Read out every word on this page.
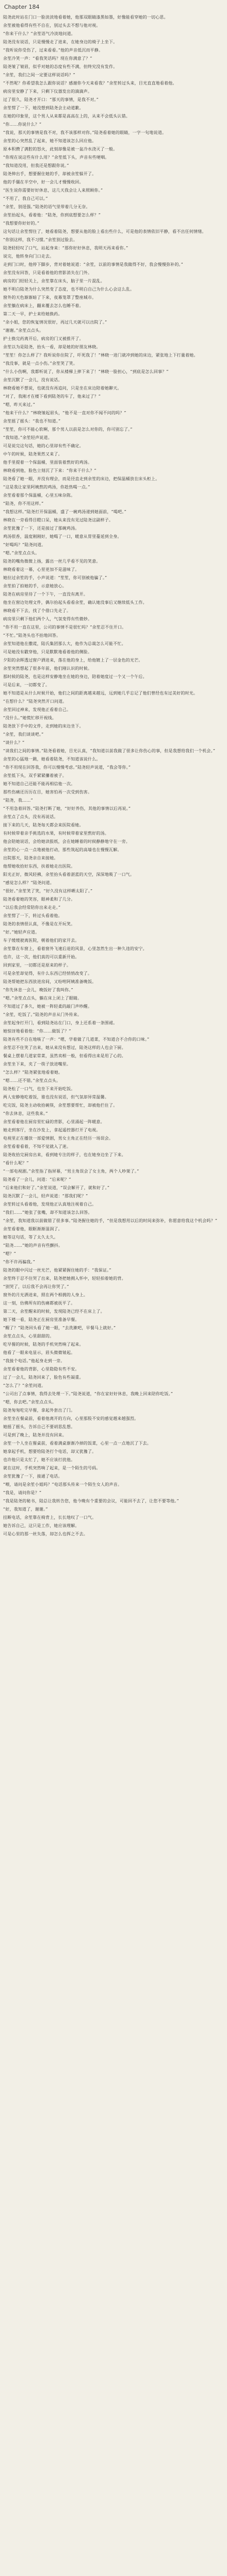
Chapter 184

陆尧此时站在门口一脸淡淡地看着她，他那双眼睛漆黑如墨，好像能看穿她的一切心思。

余笙被他看得有些不自在，别过头去不想与他对视。

“你来干什么？”余笙语气冷淡地问道。

陆尧没有说话，只是慢慢走了进来，在她身边的椅子上坐下。

“我听说你受伤了，过来看看。”他的声音低沉而平静。

余笙冷笑一声：“看我笑话吗？现在你满意了？”

陆尧皱了皱眉，似乎对她的态度有些不满，但终究没有发作。

“余笙，我们之间一定要这样说话吗？”

“不然呢？你希望我怎么跟你说话？感谢你今天来看我？”余笙转过头来，目光直直地看着他。

病房里安静了下来，只剩下仪器发出的滴滴声。

过了很久，陆尧才开口：“那天的事情，是我不对。”

余笙愣了一下，她没想到陆尧会主动道歉。

在她的印象里，这个男人从来都是高高在上的，从来不会低头认错。

“你……你说什么？”

“我说，那天的事情是我不对，我不该那样对你。”陆尧看着她的眼睛，一字一句地说道。

余笙的心突然乱了起来，她不知道该怎么回应他。

原本积攒了满腔的怒火，此刻却像是被一盆冷水浇灭了一般。

“你现在说这些有什么用？”余笙低下头，声音有些哽咽。

“我知道没用，但我还是想跟你说。”

陆尧伸出手，想要握住她的手，却被余笙躲开了。

他的手僵在半空中，好一会儿才慢慢收回。

“医生说你需要好好休息，这几天我会让人来照顾你。”

“不用了，我自己可以。”

“余笙，别逞强。”陆尧的语气里带着几分无奈。

余笙抬起头，看着他：“陆尧，你到底想要怎么样？”

“我想要你好好的。”

这句话让余笙愣住了，她看着陆尧，想要从他的脸上看出些什么，可是他的表情依旧平静，看不出任何情绪。

“你别这样，我不习惯。”余笙别过脸去。

陆尧轻轻叹了口气，站起身来：“那你好好休息，我明天再来看你。”

说完，他转身向门口走去。

走到门口时，他停下脚步，背对着她说道：“余笙，以前的事情是我做得不好，我会慢慢弥补的。”

余笙没有回答，只是看着他的背影消失在门外。

病房的门轻轻关上，余笙靠在床头，脑子里一片混乱。

她不明白陆尧为什么突然变了态度，也不明白自己为什么心会这么乱。

窗外的天色渐渐暗了下来，夜幕笼罩了整座城市。

余笙躺在病床上，翻来覆去怎么也睡不着。

第二天一早，护士来给她换药。

“余小姐，您的恢复情况很好，再过几天就可以出院了。”

“谢谢。”余笙点点头。

护士换完药离开后，病房的门又被推开了。

余笙以为是陆尧，抬头一看，却是她的好朋友林晓。

“笙笙！你怎么样了？我听说你住院了，吓死我了！”林晓一进门就冲到她的床边，紧张地上下打量着她。

“我没事，就是一点小伤。”余笙笑了笑。

“什么小伤啊，我都听说了，你从楼梯上摔下来了！”林晓一脸担心，“到底是怎么回事？”

余笙沉默了一会儿，没有说话。

林晓看她不想说，也就没有再追问，只是坐在床边陪着她聊天。

“对了，我刚才在楼下看到陆尧的车了，他来过了？”

“嗯，昨天来过。”

“他来干什么？”林晓皱起眉头，“他不是一直对你不闻不问的吗？”

余笙摇了摇头：“我也不知道。”

“笙笙，你可不能心软啊，那个男人以前是怎么对你的，你可别忘了。”

“我知道。”余笙轻声说道。

可是说完这句话，她的心里却有些不确定。

中午的时候，陆尧果然又来了。

他手里提着一个保温桶，里面装着熬好的鸡汤。

林晓看到他，脸色立刻沉了下来：“你来干什么？”

陆尧看了她一眼，并没有理会，而是径直走到余笙的床边，把保温桶放在床头柜上。

“这是我让家里阿姨熬的鸡汤，你趁热喝一点。”

余笙看着那个保温桶，心里五味杂陈。

“陆尧，你不用这样。”

“我想这样。”陆尧打开保温桶，盛了一碗鸡汤递到她面前，“喝吧。”

林晓在一旁看得目瞪口呆，她从来没有见过陆尧这副样子。

余笙犹豫了一下，还是接过了那碗鸡汤。

鸡汤很香，温度刚刚好，她喝了一口，暖意从胃里蔓延到全身。

“好喝吗？”陆尧问道。

“嗯。”余笙点点头。

陆尧的嘴角微微上扬，露出一丝几乎看不见的笑意。

林晓看着这一幕，心里更加不是滋味了。

她拉过余笙的手，小声说道：“笙笙，你可别被他骗了。”

余笙拍了拍她的手，示意她放心。

陆尧在病房里待了一个下午，一直没有离开。

他坐在窗边处理文件，偶尔抬起头看看余笙，确认她没事后又继续低头工作。

林晓看不下去，找了个借口先走了。

病房里只剩下他们两个人，气氛变得有些微妙。

“你不用一直在这里，公司的事情不是很忙吗？”余笙忍不住开口。

“不忙。”陆尧头也不抬地回答。

余笙知道他在撒谎，陆氏集团那么大，他作为总裁怎么可能不忙。

可是她没有戳穿他，只是默默地看着他的侧脸。

夕阳的余晖透过窗户洒进来，落在他的身上，给他镀上了一层金色的光芒。

余笙突然想起了很多年前，他们刚认识的时候。

那时候的陆尧，也是这样安静地坐在她的身边，陪着她度过一个又一个午后。

可是后来，一切都变了。

她不知道是从什么时候开始，他们之间的距离越来越远，远到她几乎忘记了他们曾经也有过美好的时光。

“在想什么？”陆尧突然开口问道。

余笙回过神来，发现他正看着自己。

“没什么。”她慌忙移开视线。

陆尧放下手中的文件，走到她的床边坐下。

“余笙，我们谈谈吧。”

“谈什么？”

“谈我们之间的事情。”陆尧看着她，目光认真，“我知道以前我做了很多让你伤心的事，但是我想给我们一个机会。”

余笙的心猛地一跳，她看着陆尧，不知道该说什么。

“你不用现在回答我，你可以慢慢考虑。”陆尧轻声说道，“我会等你。”

余笙低下头，双手紧紧攥着被子。

她不知道自己还能不能再相信他一次。

那些伤痛还历历在目，她害怕再一次受到伤害。

“陆尧，我……”

“不用急着回答。”陆尧打断了她，“好好养伤，其他的事情以后再说。”

余笙点了点头，没有再说话。

接下来的几天，陆尧每天都会来医院看她。

有时候带着亲手挑选的水果，有时候带着家里熬好的汤。

他会陪她说话，会给她读报纸，会在她睡着的时候静静地守在一旁。

余笙的心一点一点地被他打动，那些筑起的高墙也在慢慢瓦解。

出院那天，陆尧亲自来接她。

他帮她收拾好东西，扶着她走出医院。

阳光正好，微风轻拂，余笙抬头看着湛蓝的天空，深深地吸了一口气。

“感觉怎么样？”陆尧问道。

“很好。”余笙笑了笑，“好久没有这样晒太阳了。”

陆尧看着她的笑容，眼神柔和了几分。

“以后我会经常陪你出来走走。”

余笙愣了一下，转过头看着他。

陆尧的表情很认真，不像是在开玩笑。

“好。”她轻声应道。

车子缓缓驶离医院，朝着他们的家开去。

余笙靠在车窗上，看着窗外飞速后退的风景，心里忽然生出一种久违的安宁。

也许，这一次，他们真的可以重新开始。

回到家里，一切都还是原来的样子。

可是余笙却觉得，有什么东西已经悄悄改变了。

陆尧帮她把东西放进房间，又吩咐阿姨准备晚饭。

“你先休息一会儿，晚饭好了我叫你。”

“嗯。”余笙点点头，躺在床上闭上了眼睛。

不知道过了多久，她被一阵轻柔的敲门声吵醒。

“余笙，吃饭了。”陆尧的声音从门外传来。

余笙起身打开门，看到陆尧站在门口，身上还系着一条围裙。

她惊讶地看着他：“你……做饭了？”

陆尧有些不自在地咳了一声：“嗯，学着做了几道菜，不知道合不合你的口味。”

余笙忍不住笑了出来，她从来没有想过，陆尧这样的人也会下厨。

餐桌上摆着几道家常菜，虽然卖相一般，但看得出来是用了心的。

余笙坐下来，夹了一筷子放进嘴里。

“怎么样？”陆尧紧张地看着她。

“嗯……还不错。”余笙点点头。

陆尧松了一口气，也坐下来开始吃饭。

两人安静地吃着饭，谁也没有说话，但气氛却异常温馨。

吃完饭，陆尧主动收拾碗筷，余笙想要帮忙，却被他拦住了。

“你去休息，这些我来。”

余笙看着他在厨房里忙碌的背影，心里涌起一阵暖意。

她走到客厅，坐在沙发上，拿起遥控器打开了电视。

电视里正在播放一部爱情剧，男女主角正在经历一场误会。

余笙看着看着，不知不觉就入了迷。

陆尧收拾完厨房出来，看到她专注的样子，也在她身边坐了下来。

“看什么呢？”

“一部电视剧。”余笙指了指屏幕，“男主角误会了女主角，两个人吵架了。”

陆尧看了一会儿，问道：“后来呢？”

“后来他们和好了。”余笙说道，“误会解开了，就和好了。”

陆尧沉默了一会儿，轻声说道：“那我们呢？”

余笙转过头看着他，发现他正认真地注视着自己。

“我们……”她张了张嘴，却不知道该怎么回答。

“余笙，我知道我以前做错了很多事。”陆尧握住她的手，“但是我想用以后的时间来弥补，你愿意给我这个机会吗？”

余笙看着他，眼眶渐渐湿润了。

她等这句话，等了太久太久。

“陆尧……”她的声音有些颤抖。

“嗯？”

“你不许再骗我。”

陆尧的眼中闪过一丝光芒，他紧紧握住她的手：“我保证。”

余笙终于忍不住哭了出来，陆尧把她拥入怀中，轻轻拍着她的背。

“别哭了，以后我不会再让你哭了。”

窗外的月光洒进来，照在两个相拥的人身上。

这一刻，仿佛所有的伤痛都被抚平了。

第二天，余笙醒来的时候，发现陆尧已经不在床上了。

她下楼一看，陆尧正在厨房里准备早餐。

“醒了？”陆尧回头看了她一眼，“去洗漱吧，早餐马上就好。”

余笙点点头，心里甜甜的。

吃早餐的时候，陆尧的手机突然响了起来。

他看了一眼来电显示，眉头微微皱起。

“我接个电话。”他起身走到一旁。

余笙看着他的背影，心里隐隐有些不安。

过了一会儿，陆尧回来了，脸色有些凝重。

“怎么了？”余笙问道。

“公司出了点事情，我得去处理一下。”陆尧说道，“你在家好好休息，我晚上回来陪你吃饭。”

“嗯，你去吧。”余笙点点头。

陆尧匆匆吃完早餐，拿起外套出了门。

余笙坐在餐桌前，看着他离开的方向，心里那股不安的感觉越来越强烈。

她摇了摇头，告诉自己不要胡思乱想。

可是到了晚上，陆尧并没有回来。

余笙一个人坐在餐桌前，看着满桌渐渐冷掉的饭菜，心里一点一点地沉了下去。

她拿起手机，想要给陆尧打个电话，却又犹豫了。

也许他只是太忙了，她不应该打扰他。

就在这时，手机突然响了起来，是一个陌生的号码。

余笙犹豫了一下，接通了电话。

“喂，请问是余笙小姐吗？”电话那头传来一个陌生女人的声音。

“我是，请问你是？”

“我是陆尧的秘书，陆总让我转告您，他今晚有个重要的会议，可能回不去了，让您不要等他。”

“好，我知道了，谢谢。”

挂断电话，余笙靠在椅背上，长长地叹了一口气。

她告诉自己，这只是工作，她应该理解。

可是心里的那一丝失落，却怎么也挥之不去。
